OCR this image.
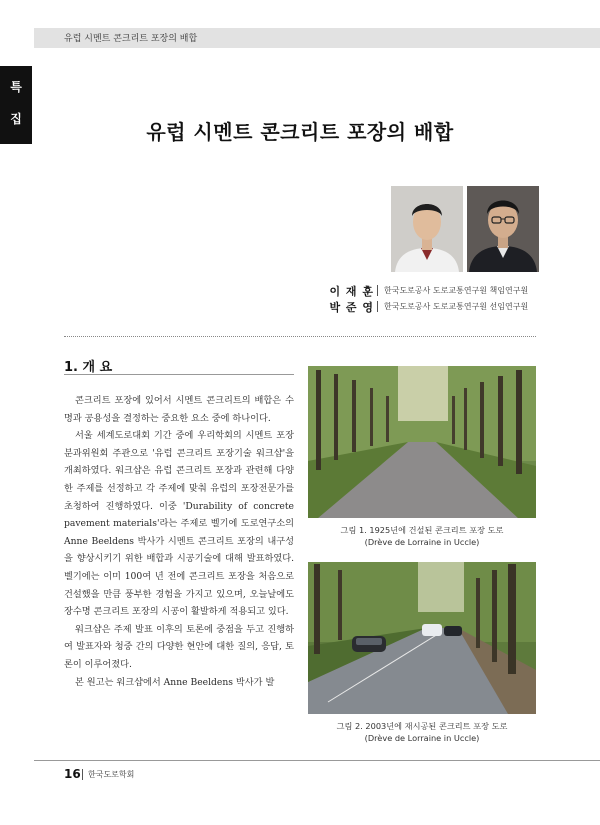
유럽 시멘트 콘크리트 포장의 배합
특
집
유럽 시멘트 콘크리트 포장의 배합
이 재 훈 한국도로공사 도로교통연구원 책임연구원
박 준 영 한국도로공사 도로교통연구원 선임연구원
1. 개 요

콘크리트 포장에 있어서 시멘트 콘크리트의 배합은 수명과 공용성을 결정하는 중요한 요소 중에 하나이다.

서울 세계도로대회 기간 중에 우리학회의 시멘트 포장 분과위원회 주관으로 '유럽 콘크리트 포장기술 워크샵'을 개최하였다. 워크샵은 유럽 콘크리트 포장과 관련해 다양한 주제를 선정하고 각 주제에 맞춰 유럽의 포장전문가를 초청하여 진행하였다. 이중 'Durability of concrete pavement materials'라는 주제로 벨기에 도로연구소의 Anne Beeldens 박사가 시멘트 콘크리트 포장의 내구성을 향상시키기 위한 배합과 시공기술에 대해 발표하였다. 벨기에는 이미 100여 년 전에 콘크리트 포장을 처음으로 건설했을 만큼 풍부한 경험을 가지고 있으며, 오늘날에도 장수명 콘크리트 포장의 시공이 활발하게 적용되고 있다.

워크샵은 주제 발표 이후의 토론에 중점을 두고 진행하여 발표자와 청중 간의 다양한 현안에 대한 질의, 응답, 토론이 이루어졌다.

본 원고는 워크샵에서 Anne Beeldens 박사가 발

그림 1. 1925년에 건설된 콘크리트 포장 도로
(Drève de Lorraine in Uccle)
그림 2. 2003년에 재시공된 콘크리트 포장 도로
(Drève de Lorraine in Uccle)
16 한국도로학회
